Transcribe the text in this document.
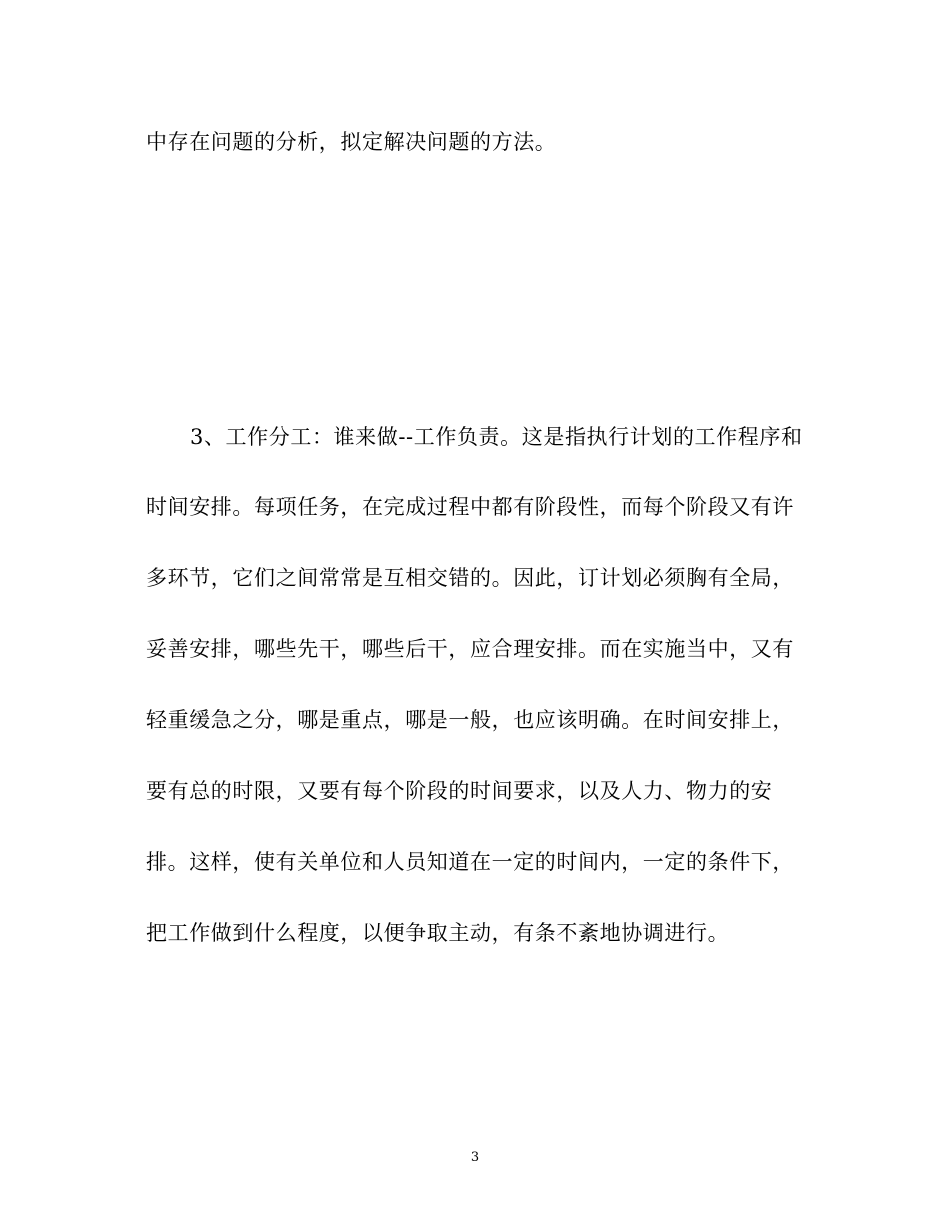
中存在问题的分析，拟定解决问题的方法。
3、工作分工：谁来做--工作负责。这是指执行计划的工作程序和
时间安排。每项任务，在完成过程中都有阶段性，而每个阶段又有许
多环节，它们之间常常是互相交错的。因此，订计划必须胸有全局，
妥善安排，哪些先干，哪些后干，应合理安排。而在实施当中，又有
轻重缓急之分，哪是重点，哪是一般，也应该明确。在时间安排上，
要有总的时限，又要有每个阶段的时间要求，以及人力、物力的安
排。这样，使有关单位和人员知道在一定的时间内，一定的条件下，
把工作做到什么程度，以便争取主动，有条不紊地协调进行。
3
